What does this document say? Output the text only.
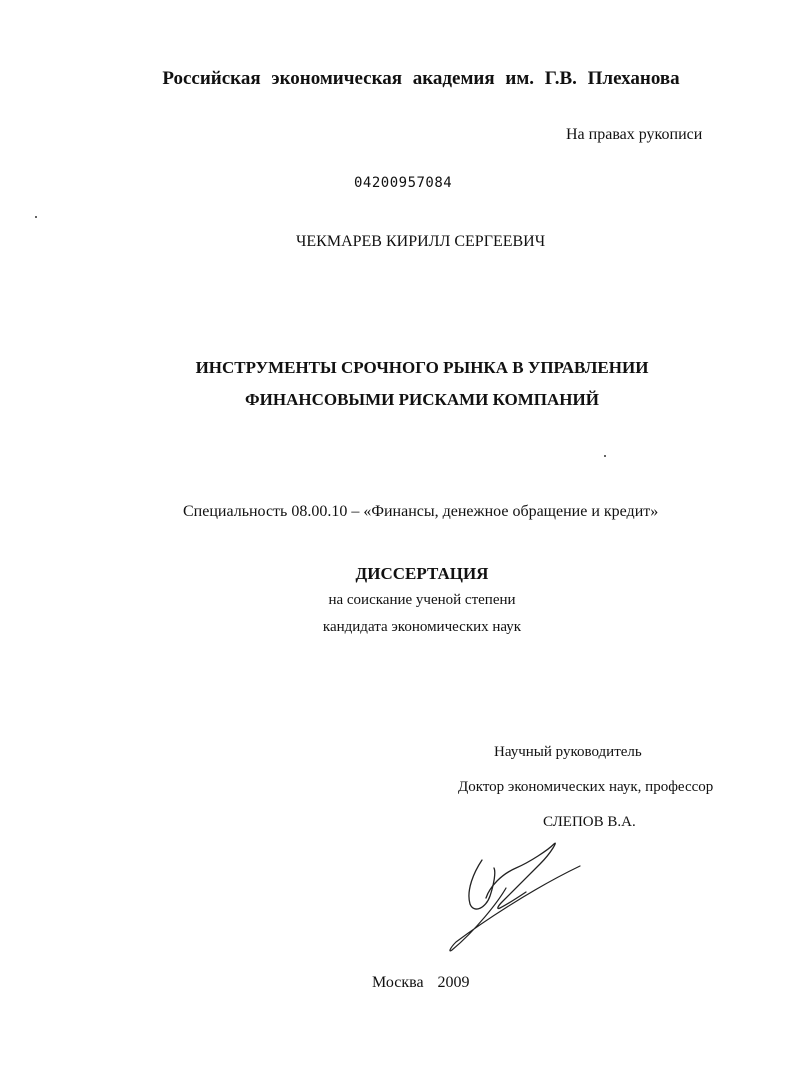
Российская экономическая академия им. Г.В. Плеханова
На правах рукописи
04200957084
ЧЕКМАРЕВ КИРИЛЛ СЕРГЕЕВИЧ
ИНСТРУМЕНТЫ СРОЧНОГО РЫНКА В УПРАВЛЕНИИ
ФИНАНСОВЫМИ РИСКАМИ КОМПАНИЙ
Специальность 08.00.10 – «Финансы, денежное обращение и кредит»
ДИССЕРТАЦИЯ
на соискание ученой степени
кандидата экономических наук
Научный руководитель
Доктор экономических наук, профессор
СЛЕПОВ В.А.
Москва 2009
